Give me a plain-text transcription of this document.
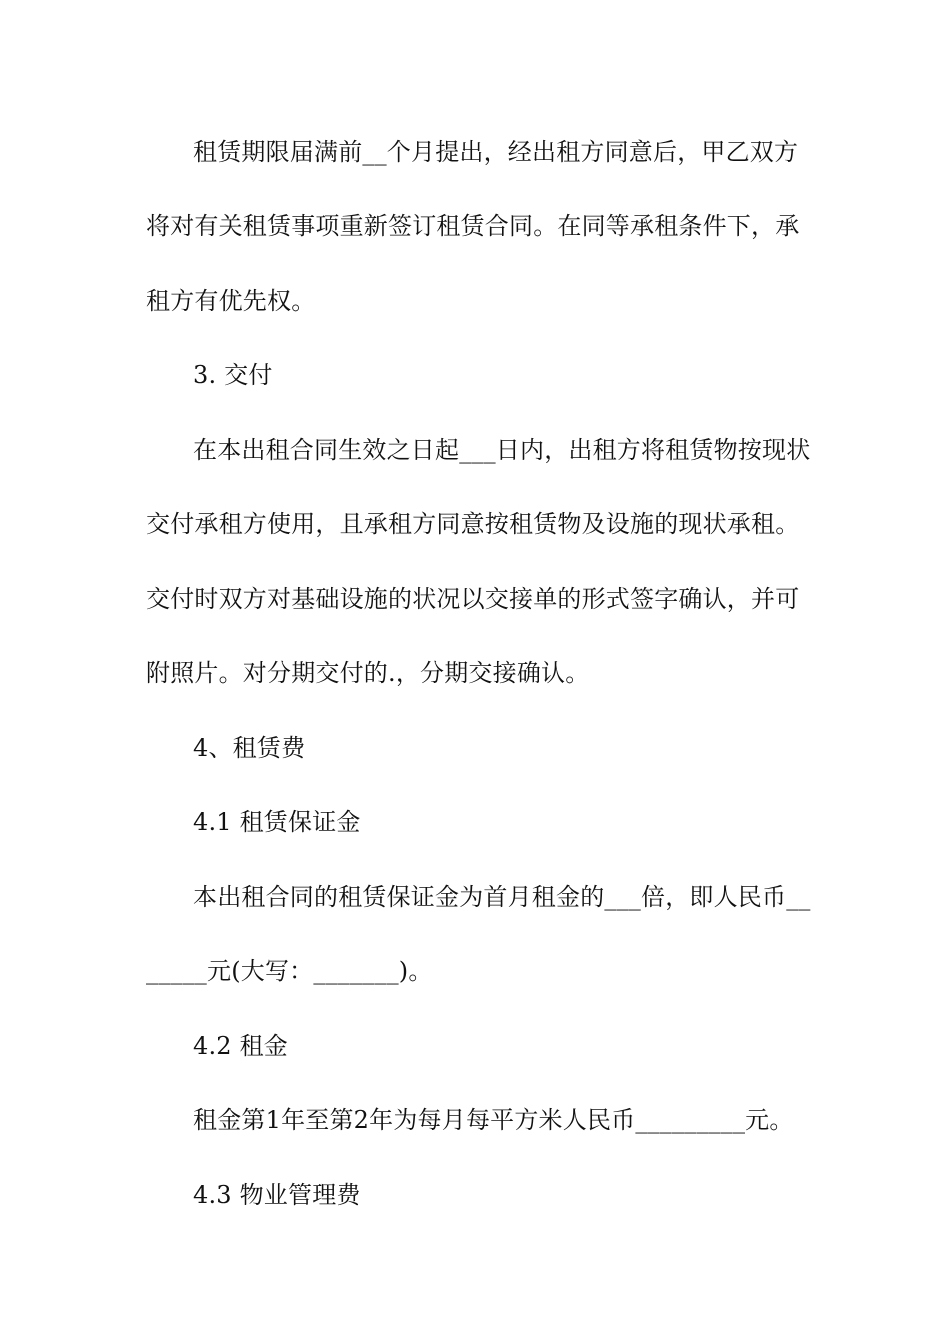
租赁期限届满前__个月提出，经出租方同意后，甲乙双方
将对有关租赁事项重新签订租赁合同。在同等承租条件下，承
租方有优先权。
3. 交付
在本出租合同生效之日起___日内，出租方将租赁物按现状
交付承租方使用，且承租方同意按租赁物及设施的现状承租。
交付时双方对基础设施的状况以交接单的形式签字确认，并可
附照片。对分期交付的.，分期交接确认。
4、租赁费
4.1 租赁保证金
本出租合同的租赁保证金为首月租金的___倍，即人民币__
_____元(大写：_______)。
4.2 租金
租金第1年至第2年为每月每平方米人民币_________元。
4.3 物业管理费
